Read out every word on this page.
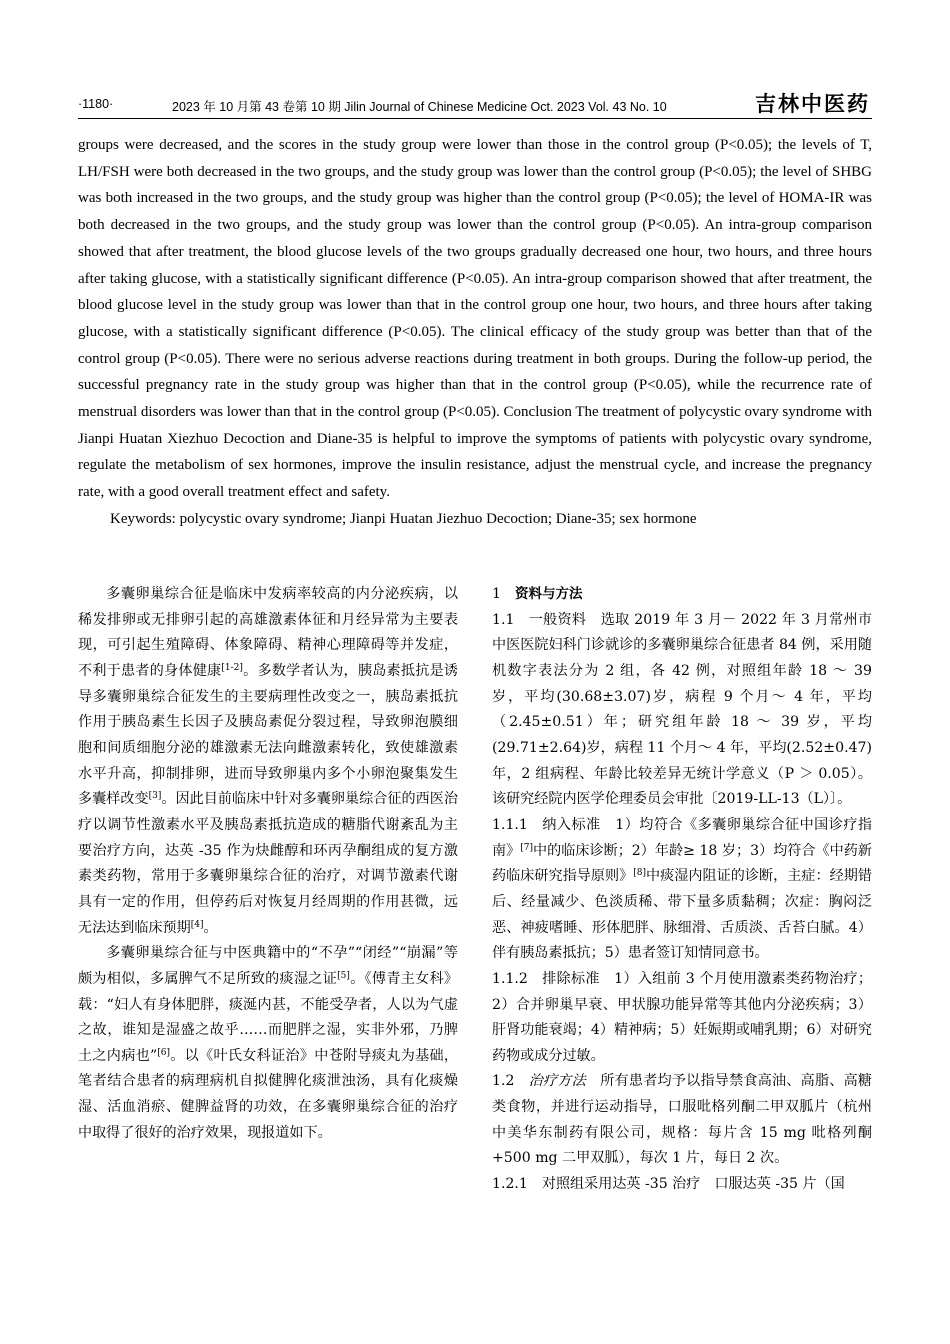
·1180·	2023 年 10 月第 43 卷第 10 期 Jilin Journal of Chinese Medicine Oct. 2023 Vol. 43 No. 10	吉林中医药

groups were decreased, and the scores in the study group were lower than those in the control group (P<0.05); the levels of T, LH/FSH were both decreased in the two groups, and the study group was lower than the control group (P<0.05); the level of SHBG was both increased in the two groups, and the study group was higher than the control group (P<0.05); the level of HOMA-IR was both decreased in the two groups, and the study group was lower than the control group (P<0.05). An intra-group comparison showed that after treatment, the blood glucose levels of the two groups gradually decreased one hour, two hours, and three hours after taking glucose, with a statistically significant difference (P<0.05). An intra-group comparison showed that after treatment, the blood glucose level in the study group was lower than that in the control group one hour, two hours, and three hours after taking glucose, with a statistically significant difference (P<0.05). The clinical efficacy of the study group was better than that of the control group (P<0.05). There were no serious adverse reactions during treatment in both groups. During the follow-up period, the successful pregnancy rate in the study group was higher than that in the control group (P<0.05), while the recurrence rate of menstrual disorders was lower than that in the control group (P<0.05). Conclusion The treatment of polycystic ovary syndrome with Jianpi Huatan Xiezhuo Decoction and Diane-35 is helpful to improve the symptoms of patients with polycystic ovary syndrome, regulate the metabolism of sex hormones, improve the insulin resistance, adjust the menstrual cycle, and increase the pregnancy rate, with a good overall treatment effect and safety.

Keywords: polycystic ovary syndrome; Jianpi Huatan Jiezhuo Decoction; Diane-35; sex hormone

多囊卵巢综合征是临床中发病率较高的内分泌疾病，以稀发排卵或无排卵引起的高雄激素体征和月经异常为主要表现，可引起生殖障碍、体象障碍、精神心理障碍等并发症，不利于患者的身体健康[1-2]。多数学者认为，胰岛素抵抗是诱导多囊卵巢综合征发生的主要病理性改变之一，胰岛素抵抗作用于胰岛素生长因子及胰岛素促分裂过程，导致卵泡膜细胞和间质细胞分泌的雄激素无法向雌激素转化，致使雄激素水平升高，抑制排卵，进而导致卵巢内多个小卵泡聚集发生多囊样改变[3]。因此目前临床中针对多囊卵巢综合征的西医治疗以调节性激素水平及胰岛素抵抗造成的糖脂代谢紊乱为主要治疗方向，达英 -35 作为炔雌醇和环丙孕酮组成的复方激素类药物，常用于多囊卵巢综合征的治疗，对调节激素代谢具有一定的作用，但停药后对恢复月经周期的作用甚微，远无法达到临床预期[4]。

多囊卵巢综合征与中医典籍中的“不孕”“闭经”“崩漏”等颇为相似，多属脾气不足所致的痰湿之证[5]。《傅青主女科》载：“妇人有身体肥胖，痰涎内甚，不能受孕者，人以为气虚之故，谁知是湿盛之故乎……而肥胖之湿，实非外邪，乃脾土之内病也”[6]。以《叶氏女科证治》中苍附导痰丸为基础，笔者结合患者的病理病机自拟健脾化痰泄浊汤，具有化痰燥湿、活血消瘀、健脾益肾的功效，在多囊卵巢综合征的治疗中取得了很好的治疗效果，现报道如下。

1 资料与方法

1.1 一般资料　 选取 2019 年 3 月－ 2022 年 3 月常州市中医医院妇科门诊就诊的多囊卵巢综合征患者 84 例，采用随机数字表法分为 2 组，各 42 例，对照组年龄 18 ～ 39 岁，平均(30.68±3.07)岁，病程 9 个月～ 4 年，平均（2.45±0.51）年；研究组年龄 18 ～ 39 岁，平均(29.71±2.64)岁，病程 11 个月～ 4 年，平均(2.52±0.47)年，2 组病程、年龄比较差异无统计学意义（P ＞ 0.05）。该研究经院内医学伦理委员会审批〔2019-LL-13（L）〕。

1.1.1 纳入标准　 1）均符合《多囊卵巢综合征中国诊疗指南》[7]中的临床诊断；2）年龄≥ 18 岁；3）均符合《中药新药临床研究指导原则》[8]中痰湿内阻证的诊断，主症：经期错后、经量减少、色淡质稀、带下量多质黏稠；次症：胸闷泛恶、神疲嗜睡、形体肥胖、脉细滑、舌质淡、舌苔白腻。4）伴有胰岛素抵抗；5）患者签订知情同意书。

1.1.2 排除标准　 1）入组前 3 个月使用激素类药物治疗；2）合并卵巢早衰、甲状腺功能异常等其他内分泌疾病；3）肝肾功能衰竭；4）精神病；5）妊娠期或哺乳期；6）对研究药物或成分过敏。

1.2 治疗方法　 所有患者均予以指导禁食高油、高脂、高糖类食物，并进行运动指导，口服吡格列酮二甲双胍片（杭州中美华东制药有限公司，规格：每片含 15 mg 吡格列酮 +500 mg 二甲双胍），每次 1 片，每日 2 次。

1.2.1 对照组采用达英 -35 治疗　口服达英 -35 片（国
